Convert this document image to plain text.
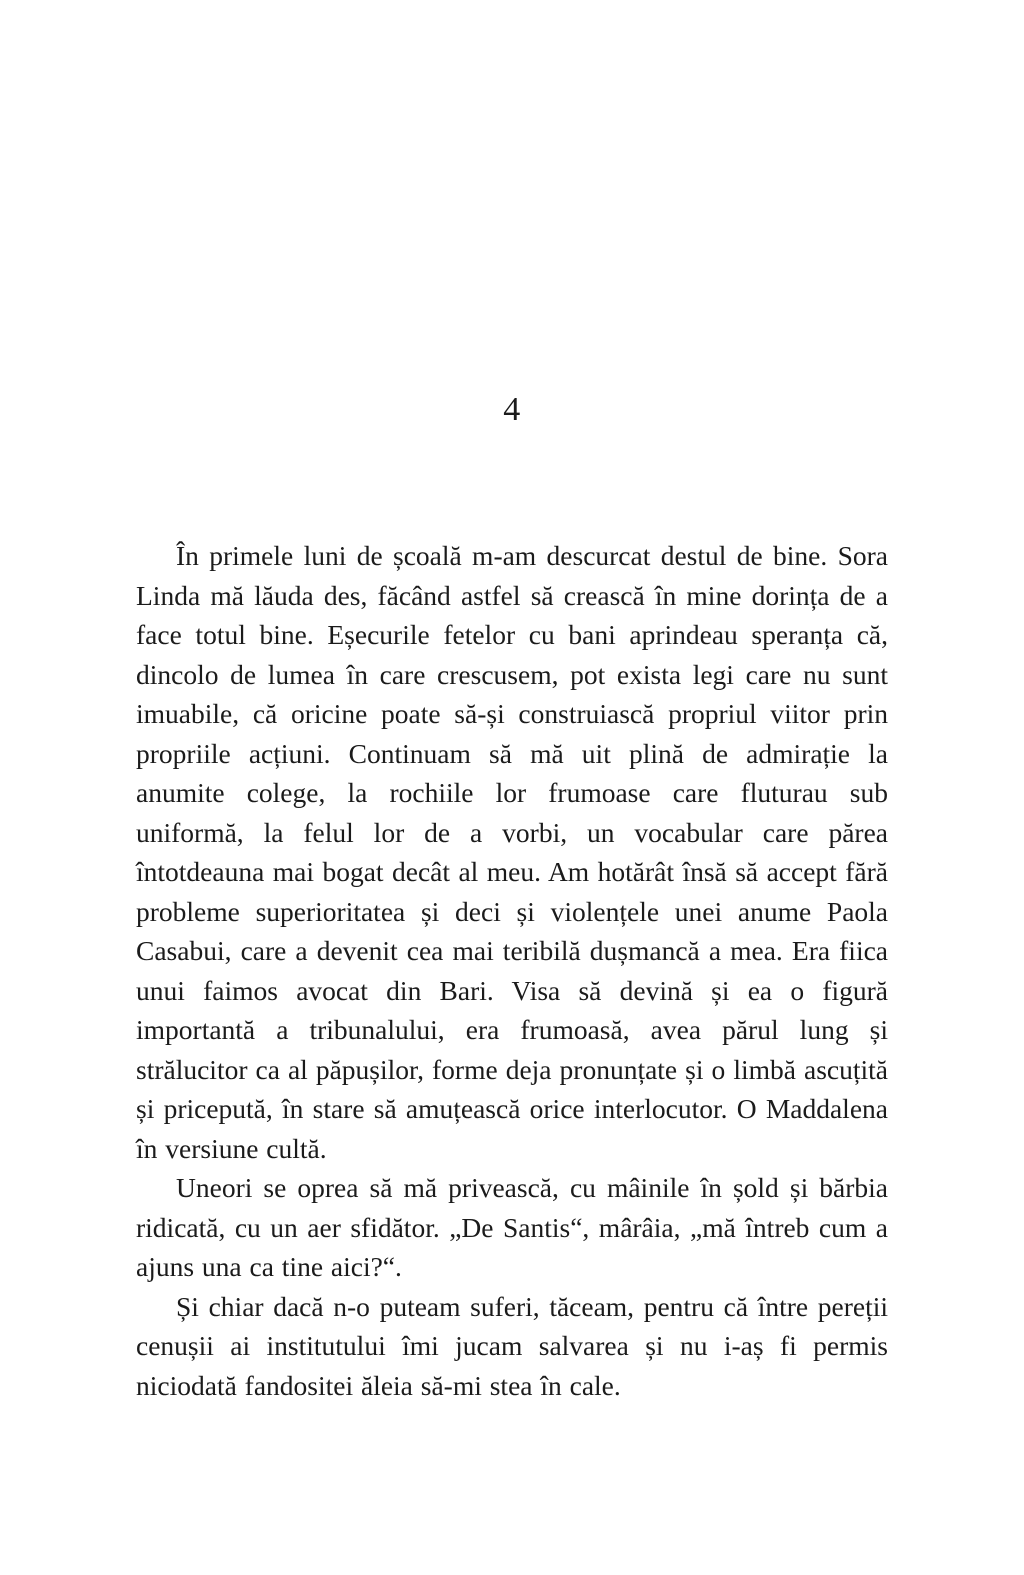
4

În primele luni de școală m-am descurcat destul de bine. Sora Linda mă lăuda des, făcând astfel să crească în mine dorința de a face totul bine. Eșecurile fetelor cu bani aprindeau speranța că, dincolo de lumea în care crescusem, pot exista legi care nu sunt imuabile, că oricine poate să-și construiască propriul viitor prin propriile acțiuni. Continuam să mă uit plină de admirație la anumite colege, la rochiile lor frumoase care fluturau sub uniformă, la felul lor de a vorbi, un vocabular care părea întotdeauna mai bogat decât al meu. Am hotărât însă să accept fără probleme superioritatea și deci și violențele unei anume Paola Casabui, care a devenit cea mai teribilă dușmancă a mea. Era fiica unui faimos avocat din Bari. Visa să devină și ea o figură importantă a tribunalului, era frumoasă, avea părul lung și strălucitor ca al păpușilor, forme deja pronunțate și o limbă ascuțită și pricepută, în stare să amuțească orice interlocutor. O Maddalena în versiune cultă.

Uneori se oprea să mă privească, cu mâinile în șold și bărbia ridicată, cu un aer sfidător. „De Santis“, mârâia, „mă întreb cum a ajuns una ca tine aici?“.

Și chiar dacă n-o puteam suferi, tăceam, pentru că între pereții cenușii ai institutului îmi jucam salvarea și nu i-aș fi permis niciodată fandositei ăleia să-mi stea în cale.
